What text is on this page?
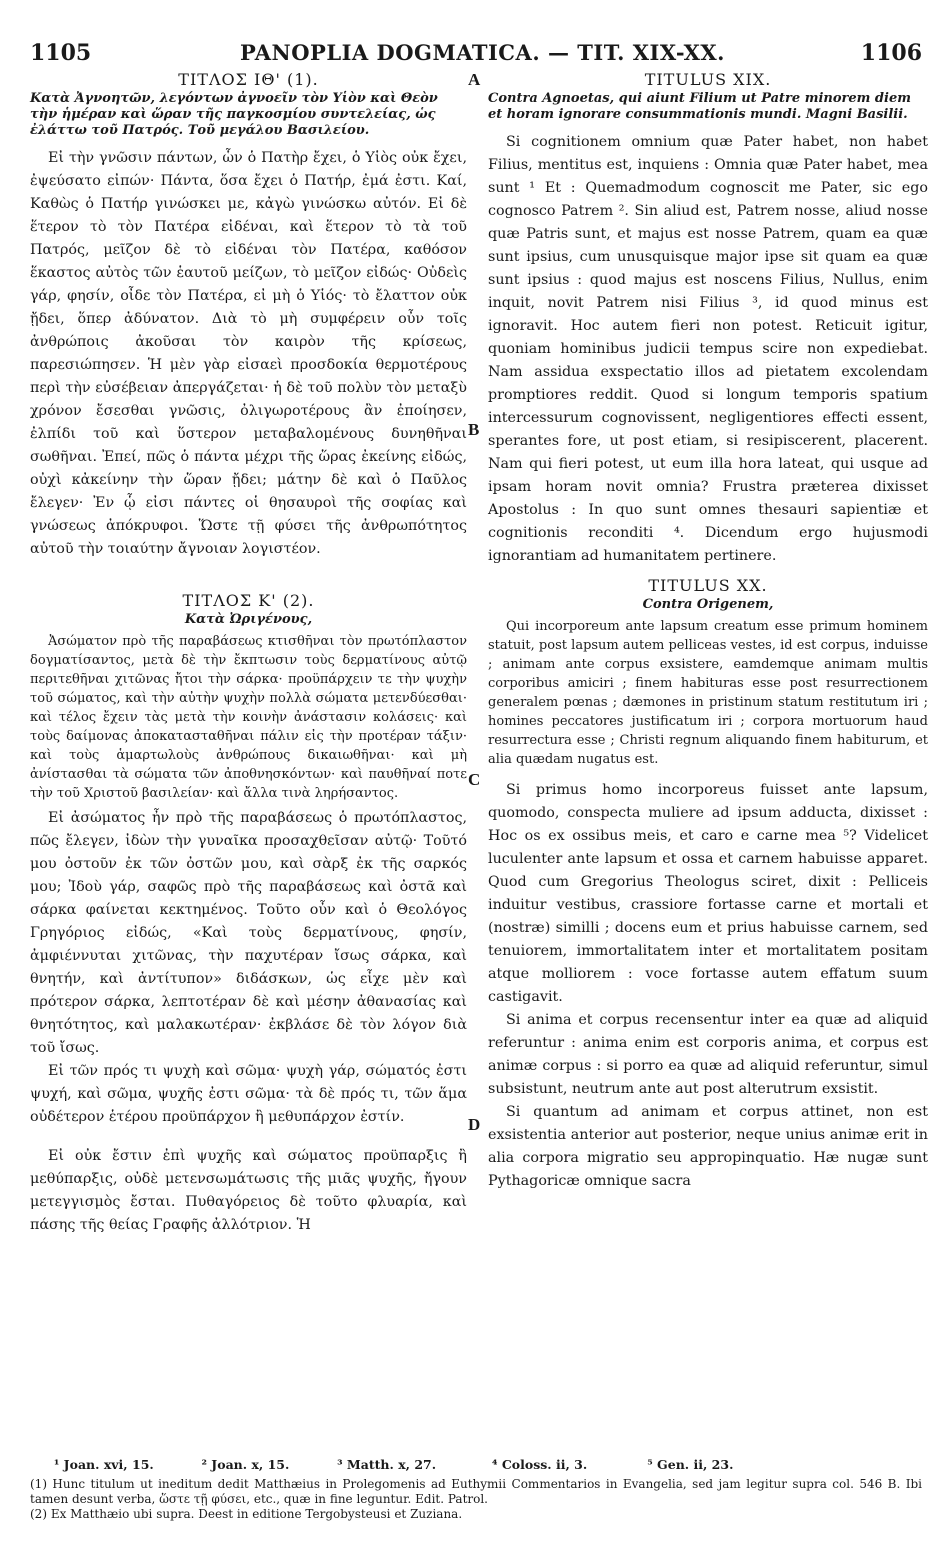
1105	PANOPLIA DOGMATICA. — TIT. XIX-XX.	1106
A
B
C
D
ΤΙΤΛΟΣ ΙΘ' (1).
Κατὰ Ἀγνοητῶν, λεγόντων ἀγνοεῖν τὸν Υἱὸν καὶ Θεὸν τὴν ἡμέραν καὶ ὥραν τῆς παγκοσμίου συντελείας, ὡς ἐλάττω τοῦ Πατρός. Τοῦ μεγάλου Βασιλείου.

Εἰ τὴν γνῶσιν πάντων, ὧν ὁ Πατὴρ ἔχει, ὁ Υἱὸς οὐκ ἔχει, ἐψεύσατο εἰπών· Πάντα, ὅσα ἔχει ὁ Πατήρ, ἐμά ἐστι. Καί, Καθὼς ὁ Πατήρ γινώσκει με, κἀγὼ γινώσκω αὐτόν. Εἰ δὲ ἕτερον τὸ τὸν Πατέρα εἰδέναι, καὶ ἕτερον τὸ τὰ τοῦ Πατρός, μεῖζον δὲ τὸ εἰδέναι τὸν Πατέρα, καθόσον ἕκαστος αὐτὸς τῶν ἑαυτοῦ μείζων, τὸ μεῖζον εἰδώς· Οὐδεὶς γάρ, φησίν, οἶδε τὸν Πατέρα, εἰ μὴ ὁ Υἱός· τὸ ἔλαττον οὐκ ᾔδει, ὅπερ ἀδύνατον. Διὰ τὸ μὴ συμφέρειν οὖν τοῖς ἀνθρώποις ἀκοῦσαι τὸν καιρὸν τῆς κρίσεως, παρεσιώπησεν. Ἡ μὲν γὰρ εἰσαεὶ προσδοκία θερμοτέρους περὶ τὴν εὐσέβειαν ἀπεργάζεται· ἡ δὲ τοῦ πολὺν τὸν μεταξὺ χρόνον ἔσεσθαι γνῶσις, ὀλιγωροτέρους ἂν ἐποίησεν, ἐλπίδι τοῦ καὶ ὕστερον μεταβαλομένους δυνηθῆναι σωθῆναι. Ἐπεί, πῶς ὁ πάντα μέχρι τῆς ὥρας ἐκείνης εἰδώς, οὐχὶ κἀκείνην τὴν ὥραν ᾔδει; μάτην δὲ καὶ ὁ Παῦλος ἔλεγεν· Ἐν ᾧ εἰσι πάντες οἱ θησαυροὶ τῆς σοφίας καὶ γνώσεως ἀπόκρυφοι. Ὥστε τῇ φύσει τῆς ἀνθρωπότητος αὐτοῦ τὴν τοιαύτην ἄγνοιαν λογιστέον.

ΤΙΤΛΟΣ Κ' (2).
Κατὰ Ὠριγένους,

Ἀσώματον πρὸ τῆς παραβάσεως κτισθῆναι τὸν πρωτόπλαστον δογματίσαντος, μετὰ δὲ τὴν ἔκπτωσιν τοὺς δερματίνους αὐτῷ περιτεθῆναι χιτῶνας ἤτοι τὴν σάρκα· προϋπάρχειν τε τὴν ψυχὴν τοῦ σώματος, καὶ τὴν αὐτὴν ψυχὴν πολλὰ σώματα μετενδύεσθαι· καὶ τέλος ἔχειν τὰς μετὰ τὴν κοινὴν ἀνάστασιν κολάσεις· καὶ τοὺς δαίμονας ἀποκατασταθῆναι πάλιν εἰς τὴν προτέραν τάξιν· καὶ τοὺς ἁμαρτωλοὺς ἀνθρώπους δικαιωθῆναι· καὶ μὴ ἀνίστασθαι τὰ σώματα τῶν ἀποθνησκόντων· καὶ παυθῆναί ποτε τὴν τοῦ Χριστοῦ βασιλείαν· καὶ ἄλλα τινὰ ληρήσαντος.

Εἰ ἀσώματος ἦν πρὸ τῆς παραβάσεως ὁ πρωτόπλαστος, πῶς ἔλεγεν, ἰδὼν τὴν γυναῖκα προσαχθεῖσαν αὐτῷ· Τοῦτό μου ὀστοῦν ἐκ τῶν ὀστῶν μου, καὶ σὰρξ ἐκ τῆς σαρκός μου; Ἰδοὺ γάρ, σαφῶς πρὸ τῆς παραβάσεως καὶ ὀστᾶ καὶ σάρκα φαίνεται κεκτημένος. Τοῦτο οὖν καὶ ὁ Θεολόγος Γρηγόριος εἰδώς, «Καὶ τοὺς δερματίνους, φησίν, ἀμφιέννυται χιτῶνας, τὴν παχυτέραν ἴσως σάρκα, καὶ θνητήν, καὶ ἀντίτυπον» διδάσκων, ὡς εἶχε μὲν καὶ πρότερον σάρκα, λεπτοτέραν δὲ καὶ μέσην ἀθανασίας καὶ θνητότητος, καὶ μαλακωτέραν· ἐκβλάσε δὲ τὸν λόγον διὰ τοῦ ἴσως.

Εἰ τῶν πρός τι ψυχὴ καὶ σῶμα· ψυχὴ γάρ, σώματός ἐστι ψυχή, καὶ σῶμα, ψυχῆς ἐστι σῶμα· τὰ δὲ πρός τι, τῶν ἅμα οὐδέτερον ἑτέρου προϋπάρχον ἢ μεθυπάρχον ἐστίν.

Εἰ οὐκ ἔστιν ἐπὶ ψυχῆς καὶ σώματος προϋπαρξις ἢ μεθύπαρξις, οὐδὲ μετενσωμάτωσις τῆς μιᾶς ψυχῆς, ἤγουν μετεγγισμὸς ἔσται. Πυθαγόρειος δὲ τοῦτο φλυαρία, καὶ πάσης τῆς θείας Γραφῆς ἀλλότριον. Ἡ

TITULUS XIX.
Contra Agnoetas, qui aiunt Filium ut Patre minorem diem et horam ignorare consummationis mundi. Magni Basilii.

Si cognitionem omnium quæ Pater habet, non habet Filius, mentitus est, inquiens : Omnia quæ Pater habet, mea sunt ¹ Et : Quemadmodum cognoscit me Pater, sic ego cognosco Patrem ². Sin aliud est, Patrem nosse, aliud nosse quæ Patris sunt, et majus est nosse Patrem, quam ea quæ sunt ipsius, cum unusquisque major ipse sit quam ea quæ sunt ipsius : quod majus est noscens Filius, Nullus, enim inquit, novit Patrem nisi Filius ³, id quod minus est ignoravit. Hoc autem fieri non potest. Reticuit igitur, quoniam hominibus judicii tempus scire non expediebat. Nam assidua exspectatio illos ad pietatem excolendam promptiores reddit. Quod si longum temporis spatium intercessurum cognovissent, negligentiores effecti essent, sperantes fore, ut post etiam, si resipiscerent, placerent. Nam qui fieri potest, ut eum illa hora lateat, qui usque ad ipsam horam novit omnia? Frustra præterea dixisset Apostolus : In quo sunt omnes thesauri sapientiæ et cognitionis reconditi ⁴. Dicendum ergo hujusmodi ignorantiam ad humanitatem pertinere.

TITULUS XX.
Contra Origenem,

Qui incorporeum ante lapsum creatum esse primum hominem statuit, post lapsum autem pelliceas vestes, id est corpus, induisse ; animam ante corpus exsistere, eamdemque animam multis corporibus amiciri ; finem habituras esse post resurrectionem generalem pœnas ; dæmones in pristinum statum restitutum iri ; homines peccatores justificatum iri ; corpora mortuorum haud resurrectura esse ; Christi regnum aliquando finem habiturum, et alia quædam nugatus est.

Si primus homo incorporeus fuisset ante lapsum, quomodo, conspecta muliere ad ipsum adducta, dixisset : Hoc os ex ossibus meis, et caro e carne mea ⁵? Videlicet luculenter ante lapsum et ossa et carnem habuisse apparet. Quod cum Gregorius Theologus sciret, dixit : Pelliceis induitur vestibus, crassiore fortasse carne et mortali et (nostræ) similli ; docens eum et prius habuisse carnem, sed tenuiorem, immortalitatem inter et mortalitatem positam atque molliorem : voce fortasse autem effatum suum castigavit.

Si anima et corpus recensentur inter ea quæ ad aliquid referuntur : anima enim est corporis anima, et corpus est animæ corpus : si porro ea quæ ad aliquid referuntur, simul subsistunt, neutrum ante aut post alterutrum exsistit.

Si quantum ad animam et corpus attinet, non est exsistentia anterior aut posterior, neque unius animæ erit in alia corpora migratio seu appropinquatio. Hæ nugæ sunt Pythagoricæ omnique sacra

¹ Joan. xvi, 15.	² Joan. x, 15.	³ Matth. x, 27.	⁴ Coloss. ii, 3.	⁵ Gen. ii, 23.

(1) Hunc titulum ut ineditum dedit Matthæius in Prolegomenis ad Euthymii Commentarios in Evangelia, sed jam legitur supra col. 546 B. Ibi tamen desunt verba, ὥστε τῇ φύσει, etc., quæ in fine leguntur. Edit. Patrol.

(2) Ex Matthæio ubi supra. Deest in editione Tergobysteusi et Zuziana.
